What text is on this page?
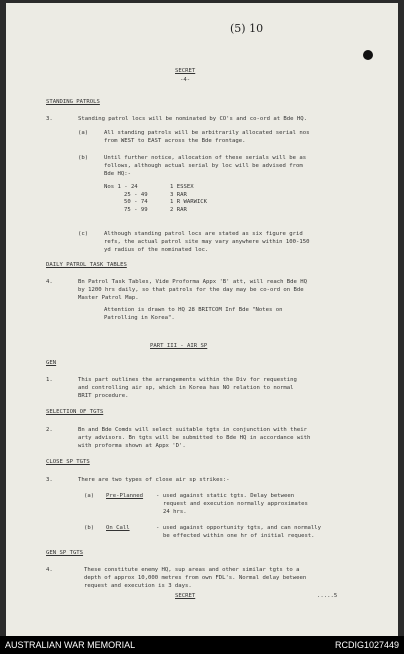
(5) 10
SECRET
-4-
STANDING PATROLS
3.	Standing patrol locs will be nominated by CO's and co-ord at Bde HQ.
(a)	All standing patrols will be arbitrarily allocated serial nos
from WEST to EAST across the Bde frontage.
(b)	Until further notice, allocation of these serials will be as
follows, although actual serial by loc will be advised from
Bde HQ:-
Nos 1 - 24	1 ESSEX
25 - 49	3 RAR
50 - 74	1 R WARWICK
75 - 99	2 RAR
(c)	Although standing patrol locs are stated as six figure grid
refs, the actual patrol site may vary anywhere within 100-150
yd radius of the nominated loc.
DAILY PATROL TASK TABLES
4.	Bn Patrol Task Tables, Vide Proforma Appx 'B' att, will reach Bde HQ
by 1200 hrs daily, so that patrols for the day may be co-ord on Bde
Master Patrol Map.
Attention is drawn to HQ 28 BRITCOM Inf Bde "Notes on
Patrolling in Korea".
PART III - AIR SP
GEN
1.	This part outlines the arrangements within the Div for requesting
and controlling air sp, which in Korea has NO relation to normal
BRIT procedure.
SELECTION OF TGTS
2.	Bn and Bde Comds will select suitable tgts in conjunction with their
arty advisors. Bn tgts will be submitted to Bde HQ in accordance with
with proforma shown at Appx 'D'.
CLOSE SP TGTS
3.	There are two types of close air sp strikes:-
(a) Pre-Planned - used against static tgts. Delay between
request and execution normally approximates
24 hrs.
(b) On Call	- used against opportunity tgts, and can normally
be effected within one hr of initial request.
GEN SP TGTS
4.	These constitute enemy HQ, sup areas and other similar tgts to a
depth of approx 10,000 metres from own FDL's. Normal delay between
request and execution is 3 days.
SECRET	.....5
AUSTRALIAN WAR MEMORIAL	RCDIG1027449
